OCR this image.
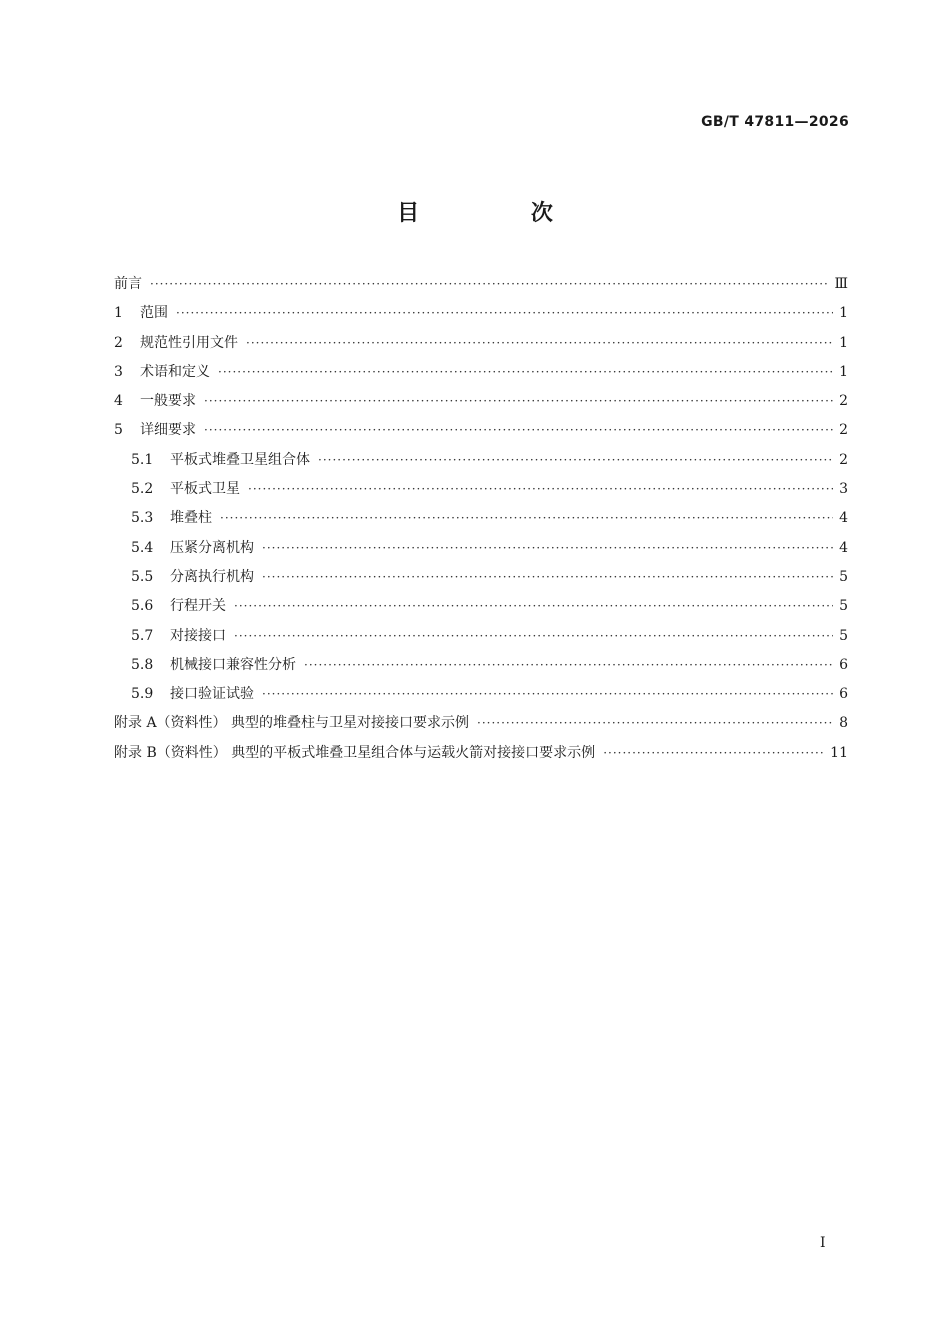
GB/T 47811—2026
目 次
前言 ·····	Ⅲ
1	范围 ·····	1
2	规范性引用文件 ·····	1
3	术语和定义 ·····	1
4	一般要求 ·····	2
5	详细要求 ·····	2
5.1	平板式堆叠卫星组合体 ·····	2
5.2	平板式卫星 ·····	3
5.3	堆叠柱 ·····	4
5.4	压紧分离机构 ·····	4
5.5	分离执行机构 ·····	5
5.6	行程开关 ·····	5
5.7	对接接口 ·····	5
5.8	机械接口兼容性分析 ·····	6
5.9	接口验证试验 ·····	6
附录 A（资料性） 典型的堆叠柱与卫星对接接口要求示例 ·····	8
附录 B（资料性） 典型的平板式堆叠卫星组合体与运载火箭对接接口要求示例 ·····	11
Ⅰ
